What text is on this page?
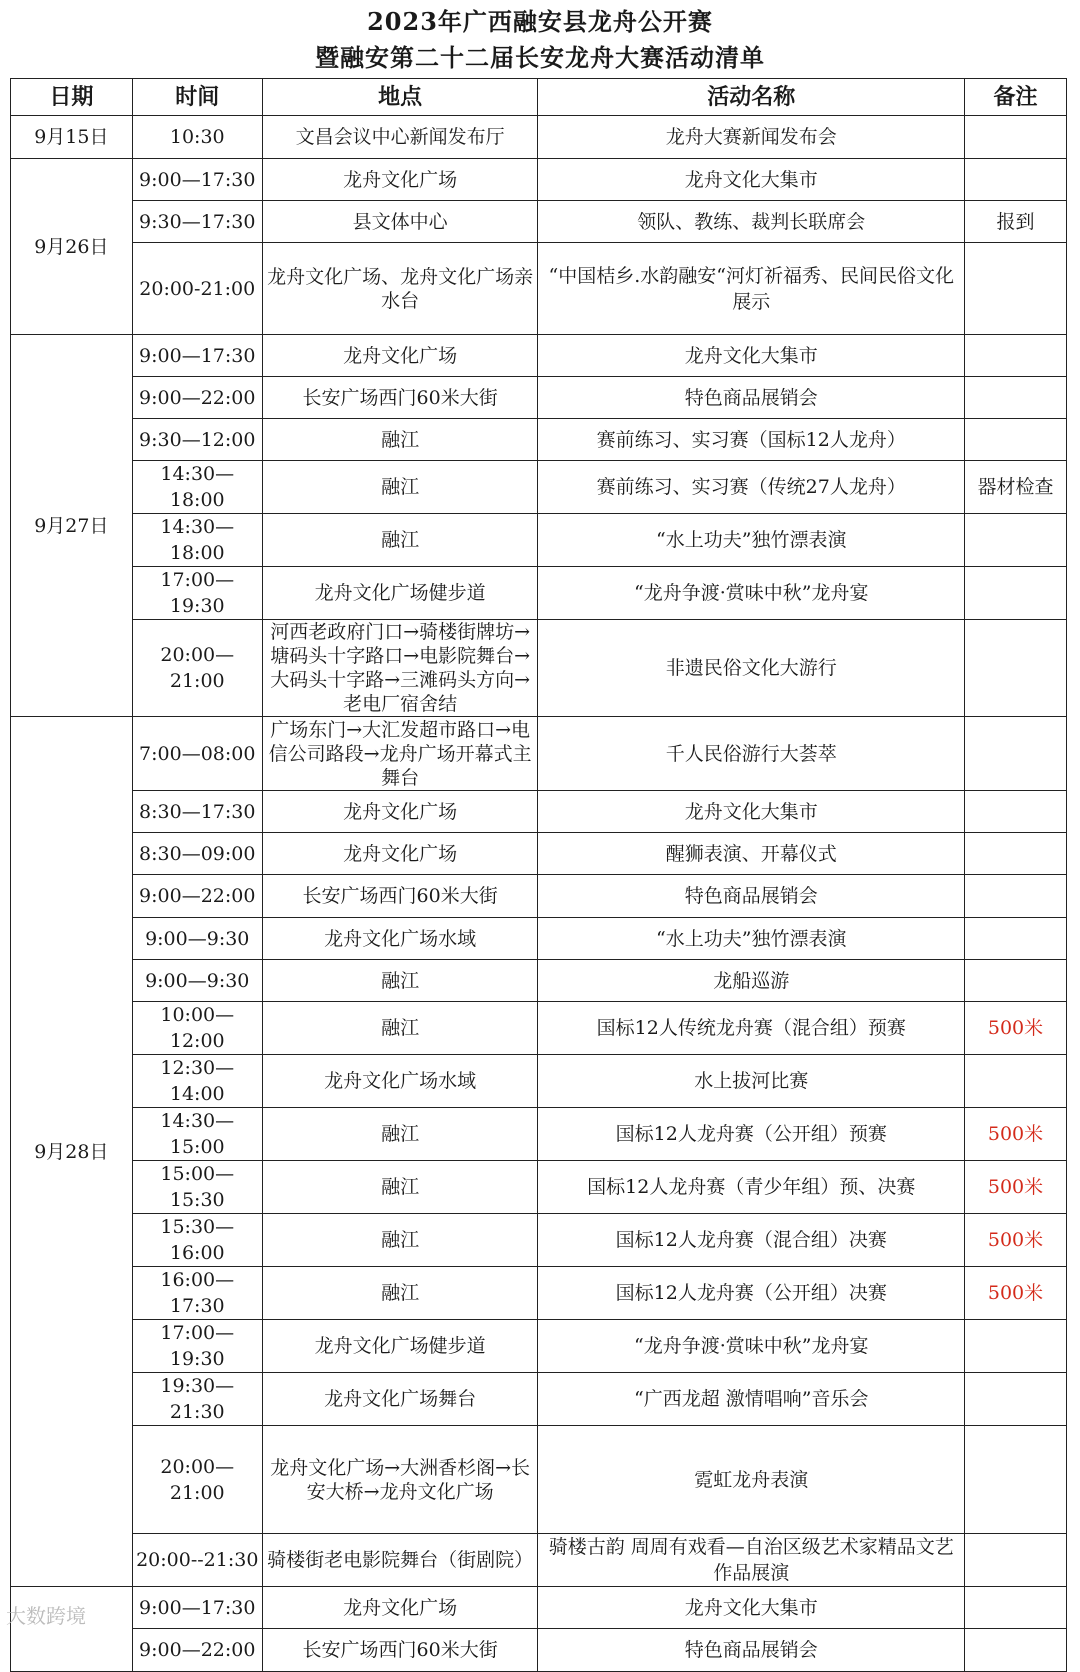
2023年广西融安县龙舟公开赛
暨融安第二十二届长安龙舟大赛活动清单
日期	时间	地点	活动名称	备注
9月15日	10:30	文昌会议中心新闻发布厅	龙舟大赛新闻发布会	
9月26日	9:00—17:30	龙舟文化广场	龙舟文化大集市	
	9:30—17:30	县文体中心	领队、教练、裁判长联席会	报到
	20:00-21:00	龙舟文化广场、龙舟文化广场亲水台	“中国桔乡.水韵融安“河灯祈福秀、民间民俗文化展示	
9月27日	9:00—17:30	龙舟文化广场	龙舟文化大集市	
	9:00—22:00	长安广场西门60米大街	特色商品展销会	
	9:30—12:00	融江	赛前练习、实习赛（国标12人龙舟）	
	14:30—18:00	融江	赛前练习、实习赛（传统27人龙舟）	器材检查
	14:30—18:00	融江	“水上功夫”独竹漂表演	
	17:00—19:30	龙舟文化广场健步道	“龙舟争渡·赏味中秋”龙舟宴	
	20:00—21:00	河西老政府门口→骑楼街牌坊→塘码头十字路口→电影院舞台→大码头十字路→三滩码头方向→老电厂宿舍结	非遗民俗文化大游行	
9月28日	7:00—08:00	广场东门→大汇发超市路口→电信公司路段→龙舟广场开幕式主舞台	千人民俗游行大荟萃	
	8:30—17:30	龙舟文化广场	龙舟文化大集市	
	8:30—09:00	龙舟文化广场	醒狮表演、开幕仪式	
	9:00—22:00	长安广场西门60米大街	特色商品展销会	
	9:00—9:30	龙舟文化广场水域	“水上功夫”独竹漂表演	
	9:00—9:30	融江	龙船巡游	
	10:00—12:00	融江	国标12人传统龙舟赛（混合组）预赛	500米
	12:30—14:00	龙舟文化广场水域	水上拔河比赛	
	14:30—15:00	融江	国标12人龙舟赛（公开组）预赛	500米
	15:00—15:30	融江	国标12人龙舟赛（青少年组）预、决赛	500米
	15:30—16:00	融江	国标12人龙舟赛（混合组）决赛	500米
	16:00—17:30	融江	国标12人龙舟赛（公开组）决赛	500米
	17:00—19:30	龙舟文化广场健步道	“龙舟争渡·赏味中秋”龙舟宴	
	19:30—21:30	龙舟文化广场舞台	“广西龙超 激情唱响”音乐会	
	20:00—21:00	龙舟文化广场→大洲香杉阁→长安大桥→龙舟文化广场	霓虹龙舟表演	
	20:00--21:30	骑楼街老电影院舞台（街剧院）	骑楼古韵 周周有戏看—自治区级艺术家精品文艺作品展演	
	9:00—17:30	龙舟文化广场	龙舟文化大集市	
	9:00—22:00	长安广场西门60米大街	特色商品展销会	
大数跨境
